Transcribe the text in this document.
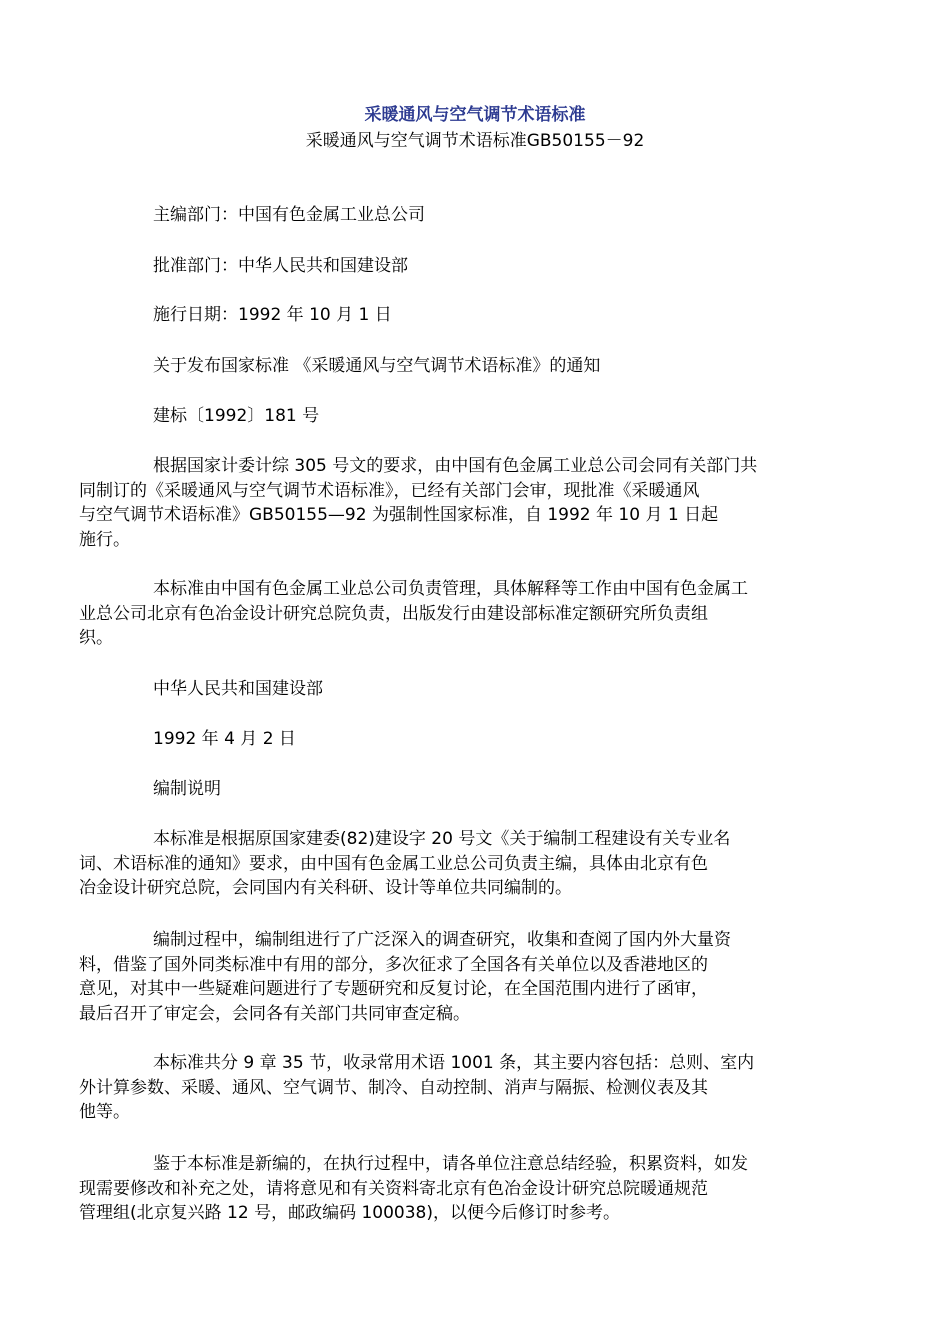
采暖通风与空气调节术语标准
采暖通风与空气调节术语标准GB50155－92
主编部门：中国有色金属工业总公司
批准部门：中华人民共和国建设部
施行日期：1992 年 10 月 1 日
关于发布国家标准 《采暖通风与空气调节术语标准》的通知
建标〔1992〕181 号
根据国家计委计综 305 号文的要求，由中国有色金属工业总公司会同有关部门共
同制订的《采暖通风与空气调节术语标准》，已经有关部门会审，现批准《采暖通风
与空气调节术语标准》GB50155—92 为强制性国家标准，自 1992 年 10 月 1 日起
施行。
本标准由中国有色金属工业总公司负责管理，具体解释等工作由中国有色金属工
业总公司北京有色冶金设计研究总院负责，出版发行由建设部标准定额研究所负责组
织。
中华人民共和国建设部
1992 年 4 月 2 日
编制说明
本标准是根据原国家建委(82)建设字 20 号文《关于编制工程建设有关专业名
词、术语标准的通知》要求，由中国有色金属工业总公司负责主编，具体由北京有色
冶金设计研究总院，会同国内有关科研、设计等单位共同编制的。
编制过程中，编制组进行了广泛深入的调查研究，收集和查阅了国内外大量资
料，借鉴了国外同类标准中有用的部分，多次征求了全国各有关单位以及香港地区的
意见，对其中一些疑难问题进行了专题研究和反复讨论，在全国范围内进行了函审，
最后召开了审定会，会同各有关部门共同审查定稿。
本标准共分 9 章 35 节，收录常用术语 1001 条，其主要内容包括：总则、室内
外计算参数、采暖、通风、空气调节、制冷、自动控制、消声与隔振、检测仪表及其
他等。
鉴于本标准是新编的，在执行过程中，请各单位注意总结经验，积累资料，如发
现需要修改和补充之处，请将意见和有关资料寄北京有色冶金设计研究总院暖通规范
管理组(北京复兴路 12 号，邮政编码 100038)，以便今后修订时参考。
